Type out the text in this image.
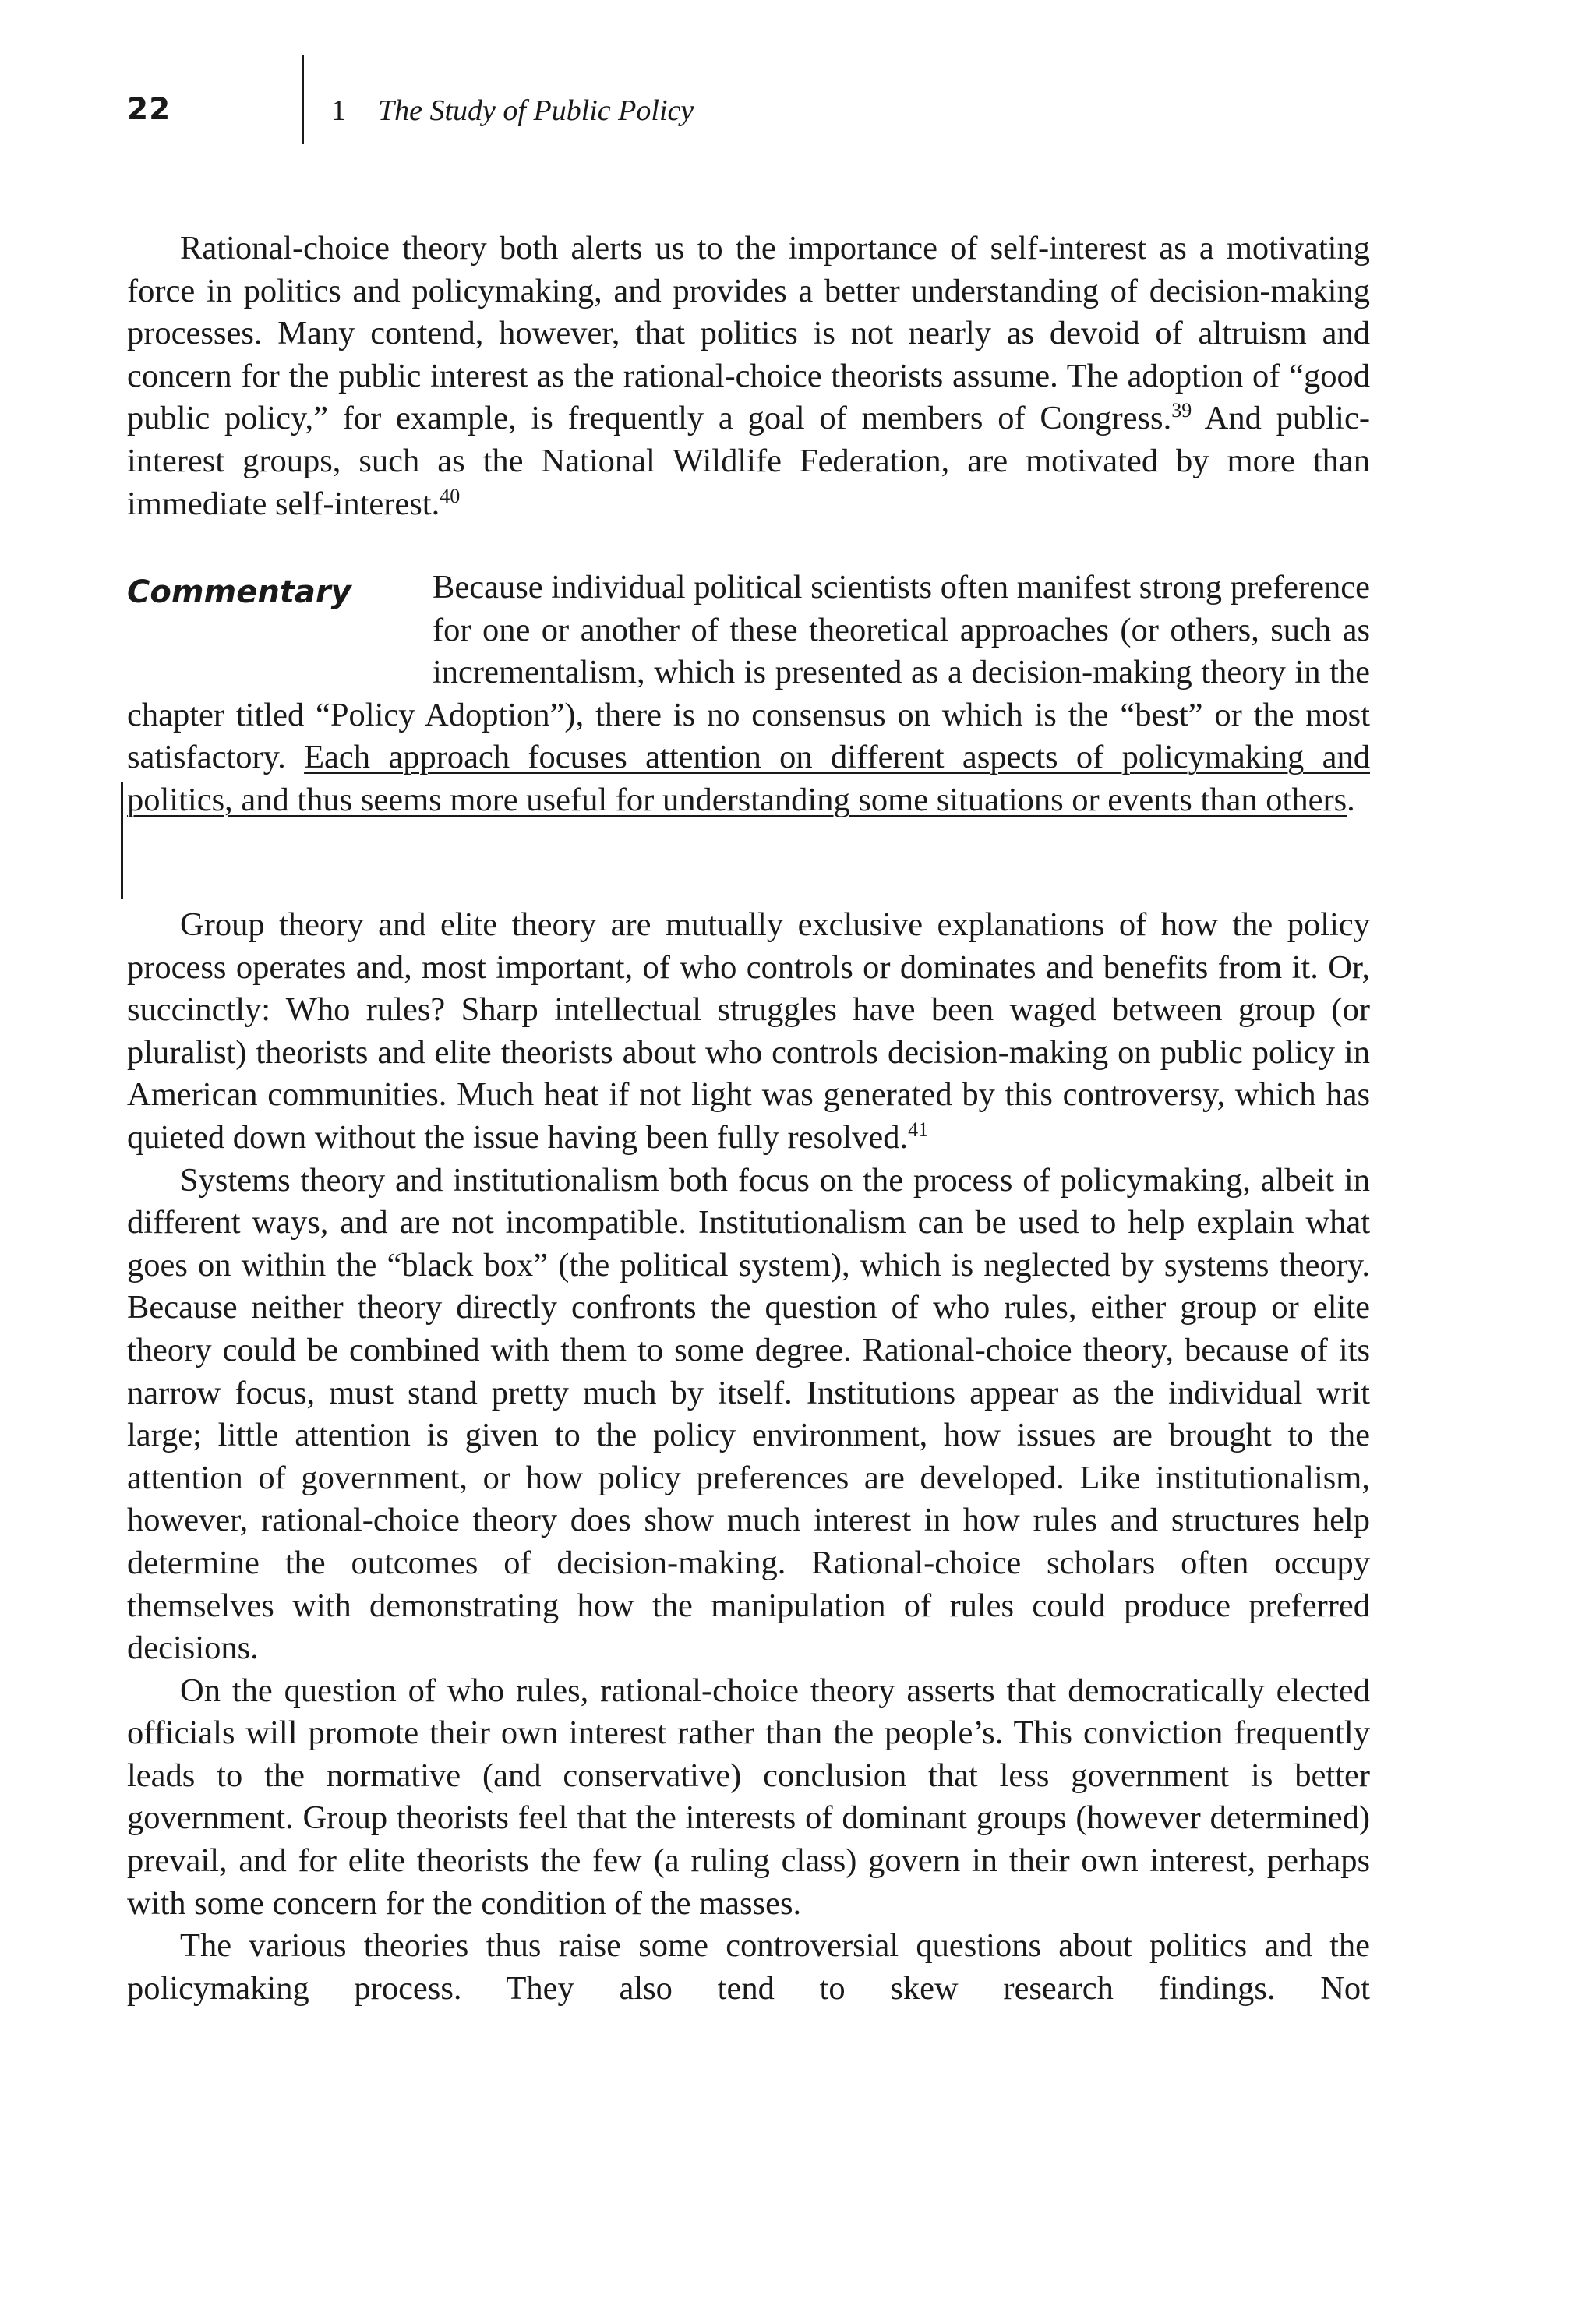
22	1 The Study of Public Policy

Rational-choice theory both alerts us to the importance of self-interest as a motivating force in politics and policymaking, and provides a better understanding of decision-making processes. Many contend, however, that politics is not nearly as devoid of altruism and concern for the public interest as the rational-choice theorists assume. The adoption of “good public policy,” for example, is frequently a goal of members of Congress.$^{39}$ And public-interest groups, such as the National Wildlife Federation, are motivated by more than immediate self-interest.$^{40}$

Commentary	Because individual political scientists often manifest strong preference for one or another of these theoretical approaches (or others, such as incrementalism, which is presented as a decision-making theory in the chapter titled “Policy Adoption”), there is no consensus on which is the “best” or the most satisfactory. Each approach focuses attention on different aspects of policymaking and politics, and thus seems more useful for understanding some situations or events than others.

Group theory and elite theory are mutually exclusive explanations of how the policy process operates and, most important, of who controls or dominates and benefits from it. Or, succinctly: Who rules? Sharp intellectual struggles have been waged between group (or pluralist) theorists and elite theorists about who controls decision-making on public policy in American communities. Much heat if not light was generated by this controversy, which has quieted down without the issue having been fully resolved.$^{41}$

Systems theory and institutionalism both focus on the process of policymaking, albeit in different ways, and are not incompatible. Institutionalism can be used to help explain what goes on within the “black box” (the political system), which is neglected by systems theory. Because neither theory directly confronts the question of who rules, either group or elite theory could be combined with them to some degree. Rational-choice theory, because of its narrow focus, must stand pretty much by itself. Institutions appear as the individual writ large; little attention is given to the policy environment, how issues are brought to the attention of government, or how policy preferences are developed. Like institutionalism, however, rational-choice theory does show much interest in how rules and structures help determine the outcomes of decision-making. Rational-choice scholars often occupy themselves with demonstrating how the manipulation of rules could produce preferred decisions.

On the question of who rules, rational-choice theory asserts that democratically elected officials will promote their own interest rather than the people’s. This conviction frequently leads to the normative (and conservative) conclusion that less government is better government. Group theorists feel that the interests of dominant groups (however determined) prevail, and for elite theorists the few (a ruling class) govern in their own interest, perhaps with some concern for the condition of the masses.

The various theories thus raise some controversial questions about politics and the policymaking process. They also tend to skew research findings. Not
